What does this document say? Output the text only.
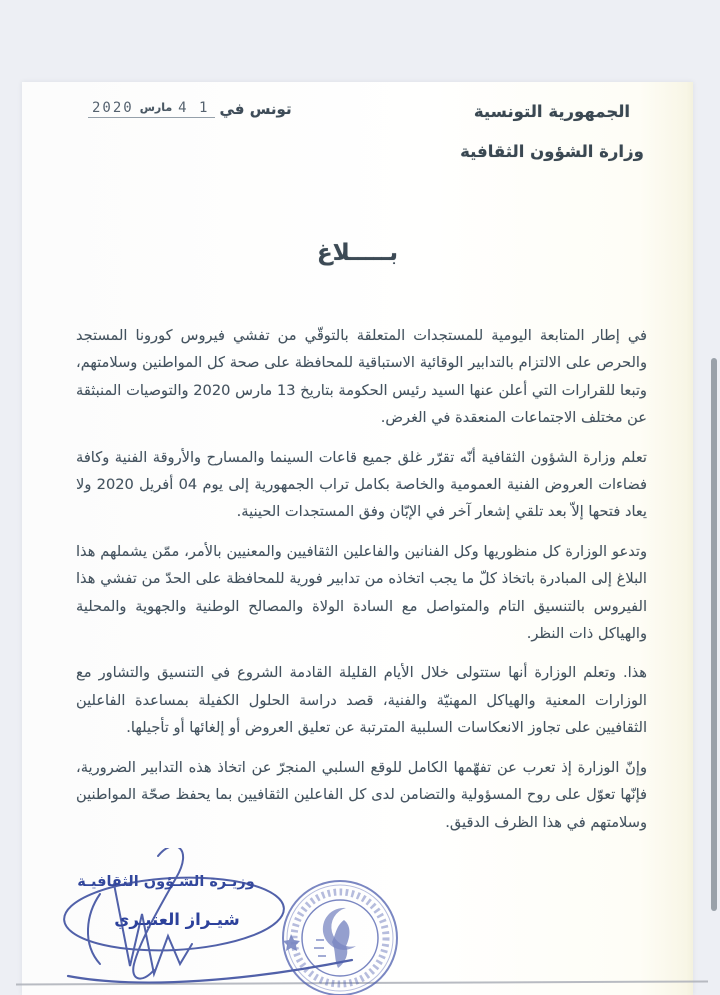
الجمهورية التونسية
وزارة الشؤون الثقافية
تونس في
1 4
مارس
2020
بـــــلاغ

في إطار المتابعة اليومية للمستجدات المتعلقة بالتوقّي من تفشي فيروس كورونا المستجد والحرص على الالتزام بالتدابير الوقائية الاستباقية للمحافظة على صحة كل المواطنين وسلامتهم، وتبعا للقرارات التي أعلن عنها السيد رئيس الحكومة بتاريخ 13 مارس 2020 والتوصيات المنبثقة عن مختلف الاجتماعات المنعقدة في الغرض.

تعلم وزارة الشؤون الثقافية أنّه تقرّر غلق جميع قاعات السينما والمسارح والأروقة الفنية وكافة فضاءات العروض الفنية العمومية والخاصة بكامل تراب الجمهورية إلى يوم 04 أفريل 2020 ولا يعاد فتحها إلاّ بعد تلقي إشعار آخر في الإبّان وفق المستجدات الحينية.

وتدعو الوزارة كل منظوريها وكل الفنانين والفاعلين الثقافيين والمعنيين بالأمر، ممّن يشملهم هذا البلاغ إلى المبادرة باتخاذ كلّ ما يجب اتخاذه من تدابير فورية للمحافظة على الحدّ من تفشي هذا الفيروس بالتنسيق التام والمتواصل مع السادة الولاة والمصالح الوطنية والجهوية والمحلية والهياكل ذات النظر.

هذا. وتعلم الوزارة أنها ستتولى خلال الأيام القليلة القادمة الشروع في التنسيق والتشاور مع الوزارات المعنية والهياكل المهنيّة والفنية، قصد دراسة الحلول الكفيلة بمساعدة الفاعلين الثقافيين على تجاوز الانعكاسات السلبية المترتبة عن تعليق العروض أو إلغائها أو تأجيلها.

وإنّ الوزارة إذ تعرب عن تفهّمها الكامل للوقع السلبي المنجرّ عن اتخاذ هذه التدابير الضرورية، فإنّها تعوّل على روح المسؤولية والتضامن لدى كل الفاعلين الثقافيين بما يحفظ صحّة المواطنين وسلامتهم في هذا الظرف الدقيق.

وزيـرة الشـؤون الثقافيـة
شيـراز العتيـري
